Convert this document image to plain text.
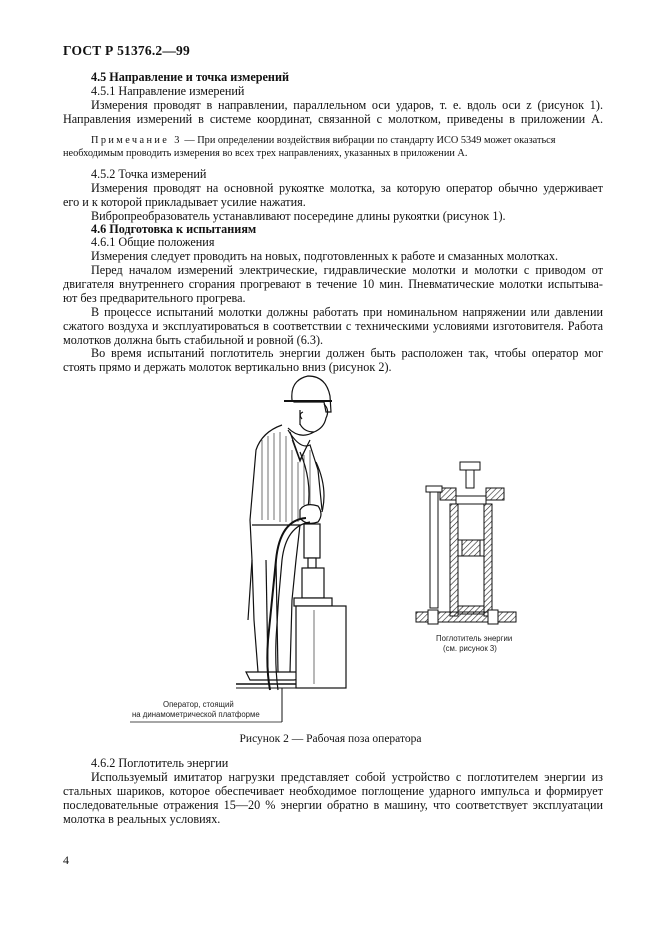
ГОСТ Р 51376.2—99
4.5 Направление и точка измерений
4.5.1 Направление измерений
Измерения проводят в направлении, параллельном оси ударов, т. е. вдоль оси z (рисунок 1).
Направления измерений в системе координат, связанной с молотком, приведены в приложении А.
Примечание 3 — При определении воздействия вибрации по стандарту ИСО 5349 может оказаться
необходимым проводить измерения во всех трех направлениях, указанных в приложении А.
4.5.2 Точка измерений
Измерения проводят на основной рукоятке молотка, за которую оператор обычно удерживает
его и к которой прикладывает усилие нажатия.
Вибропреобразователь устанавливают посередине длины рукоятки (рисунок 1).
4.6 Подготовка к испытаниям
4.6.1 Общие положения
Измерения следует проводить на новых, подготовленных к работе и смазанных молотках.
Перед началом измерений электрические, гидравлические молотки и молотки с приводом от
двигателя внутреннего сгорания прогревают в течение 10 мин. Пневматические молотки испытыва-
ют без предварительного прогрева.
В процессе испытаний молотки должны работать при номинальном напряжении или давлении
сжатого воздуха и эксплуатироваться в соответствии с техническими условиями изготовителя. Работа
молотков должна быть стабильной и ровной (6.3).
Во время испытаний поглотитель энергии должен быть расположен так, чтобы оператор мог
стоять прямо и держать молоток вертикально вниз (рисунок 2).
Поглотитель энергии
(см. рисунок 3)
Оператор, стоящий
на динамометрической платформе
Рисунок 2 — Рабочая поза оператора
4.6.2 Поглотитель энергии
Используемый имитатор нагрузки представляет собой устройство с поглотителем энергии из
стальных шариков, которое обеспечивает необходимое поглощение ударного импульса и формирует
последовательные отражения 15—20 % энергии обратно в машину, что соответствует эксплуатации
молотка в реальных условиях.
4
